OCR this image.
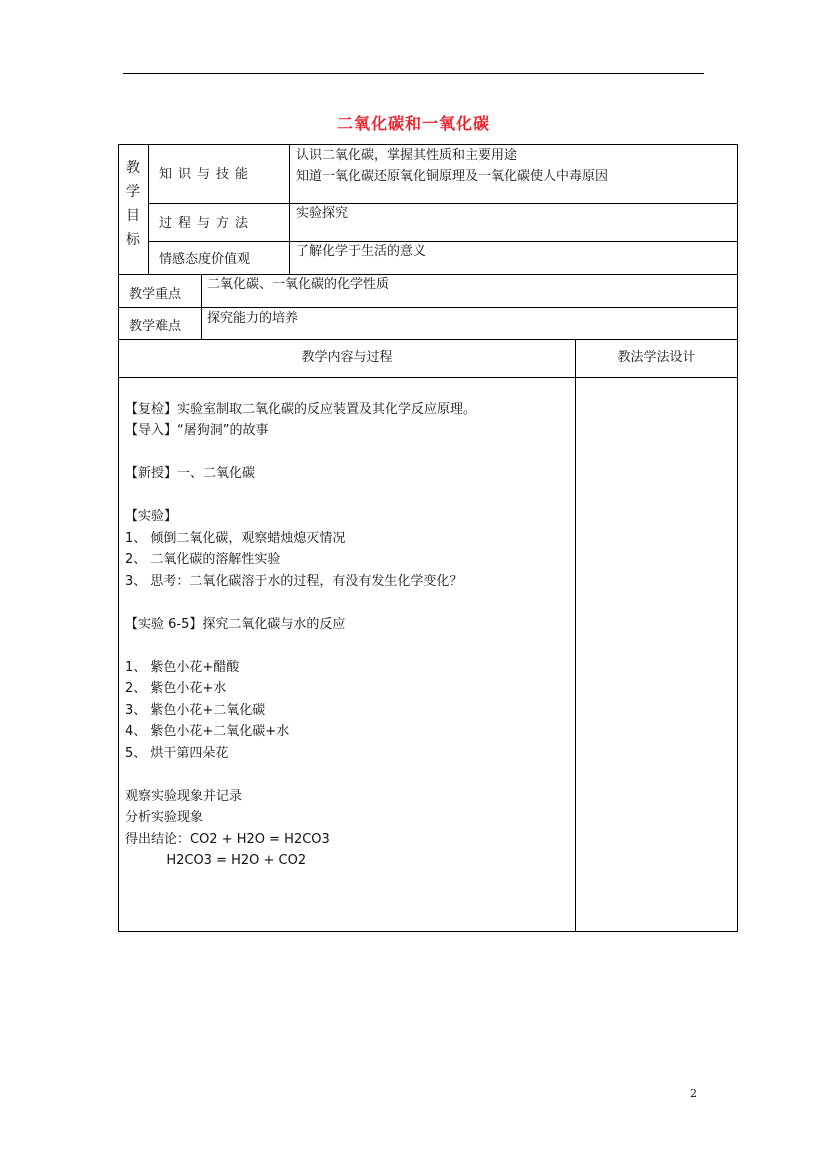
二氧化碳和一氧化碳
教
学
目
标
知识与技能
认识二氧化碳，掌握其性质和主要用途
知道一氧化碳还原氧化铜原理及一氧化碳使人中毒原因
过程与方法
实验探究
情感态度价值观
了解化学于生活的意义
教学重点
二氧化碳、一氧化碳的化学性质
教学难点
探究能力的培养
教学内容与过程	教法学法设计
【复检】实验室制取二氧化碳的反应装置及其化学反应原理。
【导入】“屠狗洞”的故事
【新授】一、二氧化碳
【实验】
1、 倾倒二氧化碳，观察蜡烛熄灭情况
2、 二氧化碳的溶解性实验
3、 思考：二氧化碳溶于水的过程，有没有发生化学变化？
【实验 6-5】探究二氧化碳与水的反应
1、 紫色小花+醋酸
2、 紫色小花+水
3、 紫色小花+二氧化碳
4、 紫色小花+二氧化碳+水
5、 烘干第四朵花
观察实验现象并记录
分析实验现象
得出结论：CO2 + H2O = H2CO3
H2CO3 = H2O + CO2
2
